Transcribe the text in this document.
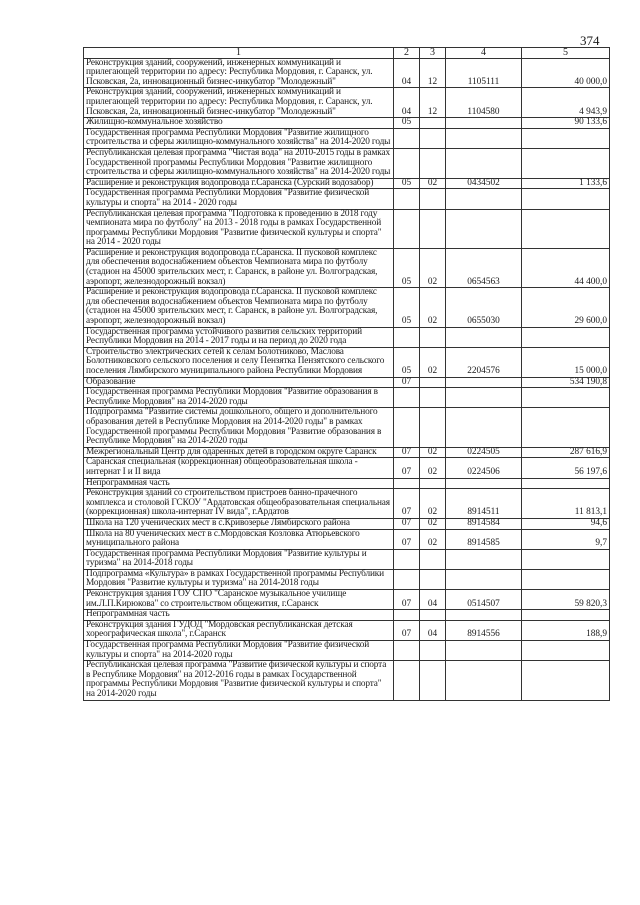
374
1	2	3	4	5
Реконструкция зданий, сооружений, инженерных коммуникаций и прилегающей территории по адресу: Республика Мордовия, г. Саранск, ул. Псковская, 2а, инновационный бизнес-инкубатор "Молодежный"	04	12	1105111	40 000,0
Реконструкция зданий, сооружений, инженерных коммуникаций и прилегающей территории по адресу: Республика Мордовия, г. Саранск, ул. Псковская, 2а, инновационный бизнес-инкубатор "Молодежный"	04	12	1104580	4 943,9
Жилищно-коммунальное хозяйство	05			90 133,6
Государственная программа Республики Мордовия "Развитие жилищного строительства и сферы жилищно-коммунального хозяйства" на 2014-2020 годы				
Республиканская целевая программа "Чистая вода" на 2010-2015 годы в рамках Государственной программы Республики Мордовия "Развитие жилищного строительства и сферы жилищно-коммунального хозяйства" на 2014-2020 годы				
Расширение и реконструкция водопровода г.Саранска (Сурский водозабор)	05	02	0434502	1 133,6
Государственная программа Республики Мордовия "Развитие физической культуры и спорта" на 2014 - 2020 годы				
Республиканская целевая программа "Подготовка к проведению в 2018 году чемпионата мира по футболу" на 2013 - 2018 годы в рамках Государственной программы Республики Мордовия "Развитие физической культуры и спорта" на 2014 - 2020 годы				
Расширение и реконструкция водопровода г.Саранска. II пусковой комплекс для обеспечения водоснабжением объектов Чемпионата мира по футболу (стадион на 45000 зрительских мест, г. Саранск, в районе ул. Волгоградская, аэропорт, железнодорожный вокзал)	05	02	0654563	44 400,0
Расширение и реконструкция водопровода г.Саранска. II пусковой комплекс для обеспечения водоснабжением объектов Чемпионата мира по футболу (стадион на 45000 зрительских мест, г. Саранск, в районе ул. Волгоградская, аэропорт, железнодорожный вокзал)	05	02	0655030	29 600,0
Государственная программа устойчивого развития сельских территорий Республики Мордовия на 2014 - 2017 годы и на период до 2020 года				
Строительство электрических сетей к селам Болотниково, Маслова Болотниковского сельского поселения и селу Пензятка Пензятского сельского поселения Лямбирского муниципального района Республики Мордовия	05	02	2204576	15 000,0
Образование	07			534 190,8
Государственная программа Республики Мордовия "Развитие образования в Республике Мордовия" на 2014-2020 годы				
Подпрограмма "Развитие системы дошкольного, общего и дополнительного образования детей в Республике Мордовия на 2014-2020 годы" в рамках Государственной программы Республики Мордовия "Развитие образования в Республике Мордовия" на 2014-2020 годы				
Межрегиональный Центр для одаренных детей в городском округе Саранск	07	02	0224505	287 616,9
Саранская специальная (коррекционная) общеобразовательная школа - интернат I и II вида	07	02	0224506	56 197,6
Непрограммная часть				
Реконструкция зданий со строительством пристроев банно-прачечного комплекса и столовой ГСКОУ "Ардатовская общеобразовательная специальная (коррекционная) школа-интернат IV вида", г.Ардатов	07	02	8914511	11 813,1
Школа на 120 ученических мест в с.Кривозерье Лямбирского района	07	02	8914584	94,6
Школа на 80 ученических мест в с.Мордовская Козловка Атюрьевского муниципального района	07	02	8914585	9,7
Государственная программа Республики Мордовия "Развитие культуры и туризма" на 2014-2018 годы				
Подпрограмма «Культура» в рамках Государственной программы Республики Мордовия "Развитие культуры и туризма" на 2014-2018 годы				
Реконструкция здания ГОУ СПО "Саранское музыкальное училище им.Л.П.Кирюкова" со строительством общежития, г.Саранск	07	04	0514507	59 820,3
Непрограммная часть				
Реконструкция здания ГУДОД "Мордовская республиканская детская хореографическая школа", г.Саранск	07	04	8914556	188,9
Государственная программа Республики Мордовия "Развитие физической культуры и спорта" на 2014-2020 годы				
Республиканская целевая программа "Развитие физической культуры и спорта в Республике Мордовия" на 2012-2016 годы в рамках Государственной программы Республики Мордовия "Развитие физической культуры и спорта" на 2014-2020 годы				
